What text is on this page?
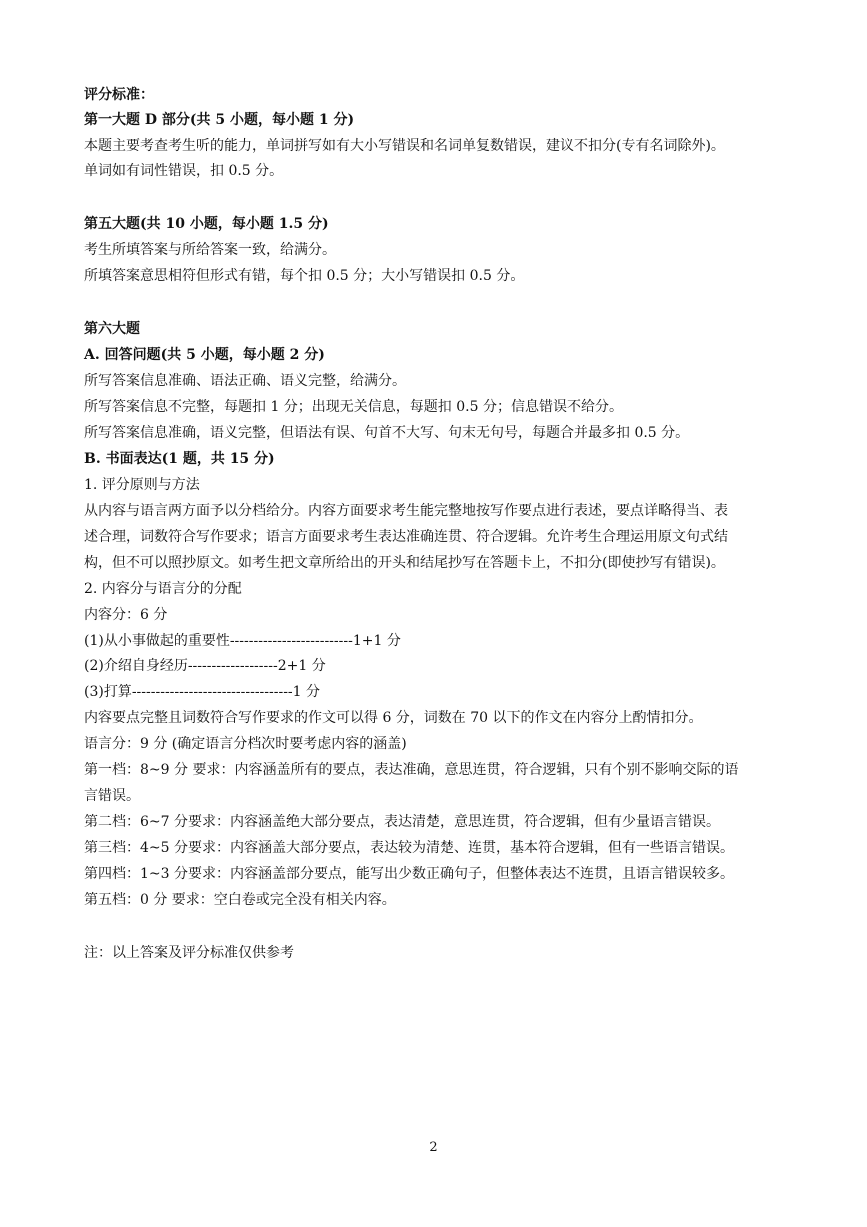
评分标准：
第一大题 D 部分(共 5 小题，每小题 1 分)
本题主要考查考生听的能力，单词拼写如有大小写错误和名词单复数错误，建议不扣分(专有名词除外)。
单词如有词性错误，扣 0.5 分。
第五大题(共 10 小题，每小题 1.5 分)
考生所填答案与所给答案一致，给满分。
所填答案意思相符但形式有错，每个扣 0.5 分；大小写错误扣 0.5 分。
第六大题
A. 回答问题(共 5 小题，每小题 2 分)
所写答案信息准确、语法正确、语义完整，给满分。
所写答案信息不完整，每题扣 1 分；出现无关信息，每题扣 0.5 分；信息错误不给分。
所写答案信息准确，语义完整，但语法有误、句首不大写、句末无句号，每题合并最多扣 0.5 分。
B. 书面表达(1 题，共 15 分)
1. 评分原则与方法
从内容与语言两方面予以分档给分。内容方面要求考生能完整地按写作要点进行表述，要点详略得当、表
述合理，词数符合写作要求；语言方面要求考生表达准确连贯、符合逻辑。允许考生合理运用原文句式结
构，但不可以照抄原文。如考生把文章所给出的开头和结尾抄写在答题卡上，不扣分(即使抄写有错误)。
2. 内容分与语言分的分配
内容分：6 分
(1)从小事做起的重要性--------------------------1+1 分
(2)介绍自身经历-------------------2+1 分
(3)打算----------------------------------1 分
内容要点完整且词数符合写作要求的作文可以得 6 分，词数在 70 以下的作文在内容分上酌情扣分。
语言分：9 分 (确定语言分档次时要考虑内容的涵盖)
第一档：8~9 分 要求：内容涵盖所有的要点，表达准确，意思连贯，符合逻辑，只有个别不影响交际的语
言错误。
第二档：6~7 分要求：内容涵盖绝大部分要点，表达清楚，意思连贯，符合逻辑，但有少量语言错误。
第三档：4~5 分要求：内容涵盖大部分要点，表达较为清楚、连贯，基本符合逻辑，但有一些语言错误。
第四档：1~3 分要求：内容涵盖部分要点，能写出少数正确句子，但整体表达不连贯，且语言错误较多。
第五档：0 分 要求：空白卷或完全没有相关内容。
注：以上答案及评分标准仅供参考
2
